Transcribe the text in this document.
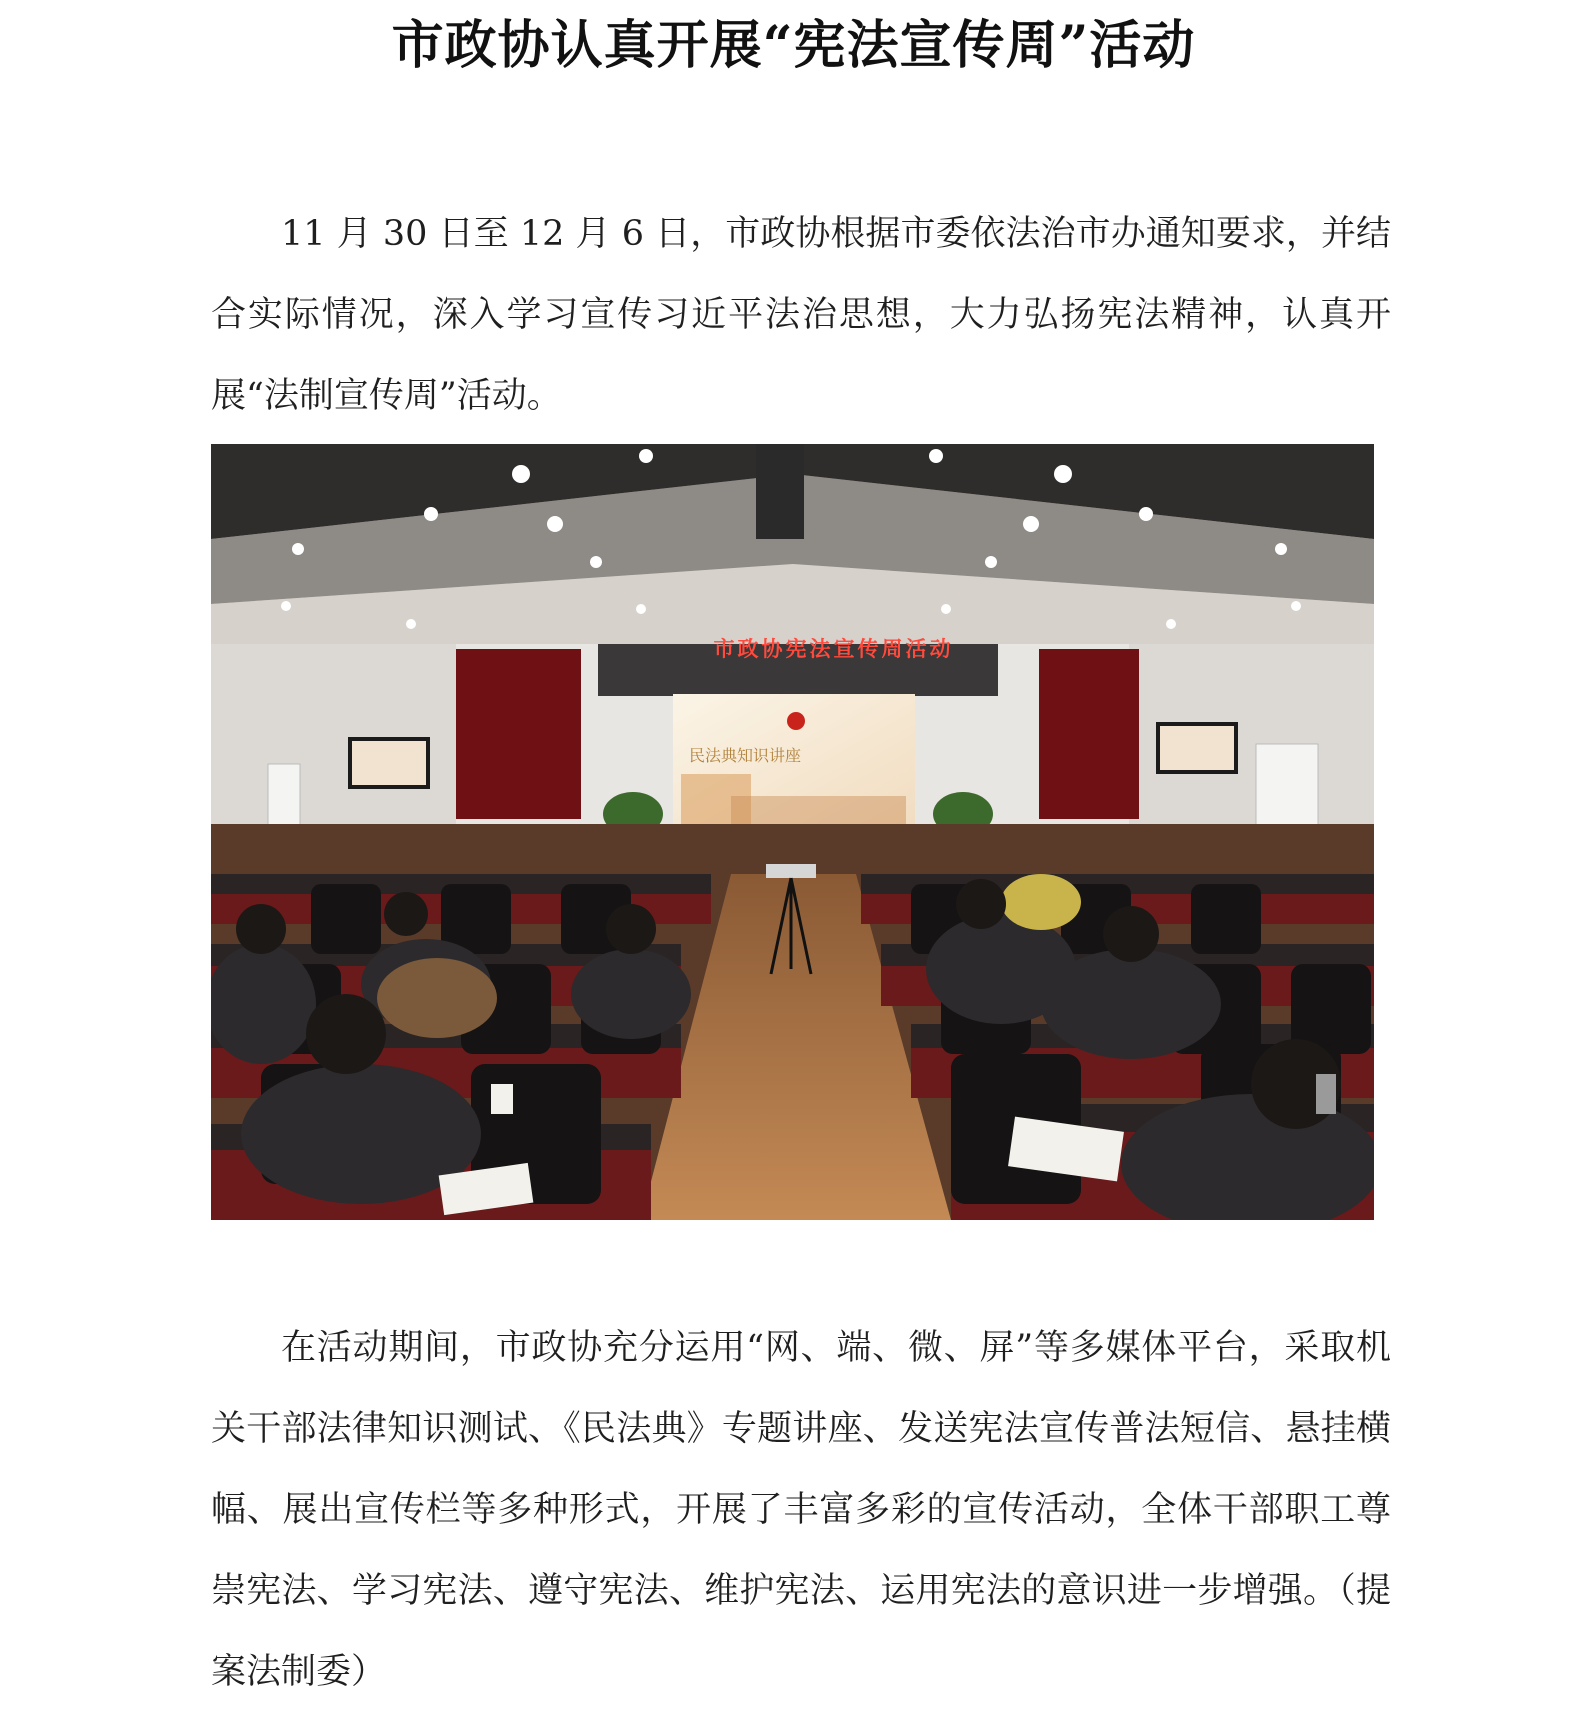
市政协认真开展“宪法宣传周”活动

11 月 30 日至 12 月 6 日，市政协根据市委依法治市办通知要求，并结合实际情况，深入学习宣传习近平法治思想，大力弘扬宪法精神，认真开展“法制宣传周”活动。

市政协宪法宣传周活动
民法典知识讲座

在活动期间，市政协充分运用“网、端、微、屏”等多媒体平台，采取机关干部法律知识测试、《民法典》专题讲座、发送宪法宣传普法短信、悬挂横幅、展出宣传栏等多种形式，开展了丰富多彩的宣传活动，全体干部职工尊崇宪法、学习宪法、遵守宪法、维护宪法、运用宪法的意识进一步增强。（提案法制委）
